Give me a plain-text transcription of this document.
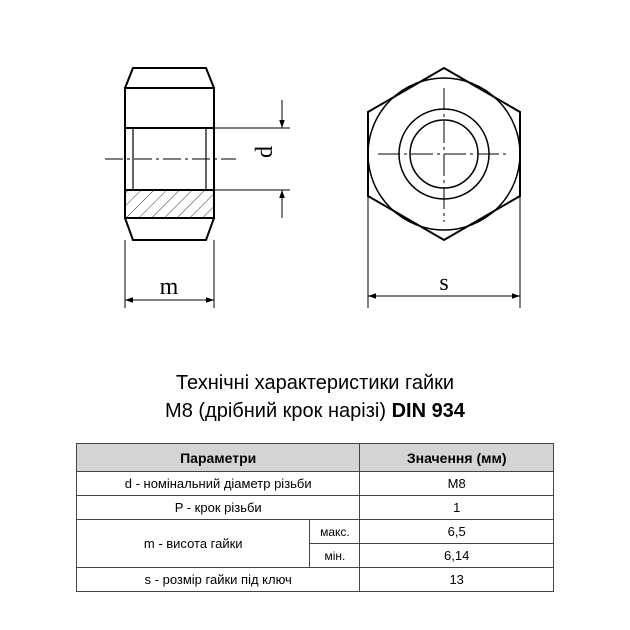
d
m	s
Технічні характеристики гайки
М8 (дрібний крок нарізі) DIN 934
Параметри		Значення (мм)
d - номінальний діаметр різьби		М8
P - крок різьби		1
m - висота гайки	макс.	6,5
	мін.	6,14
s - розмір гайки під ключ		13
